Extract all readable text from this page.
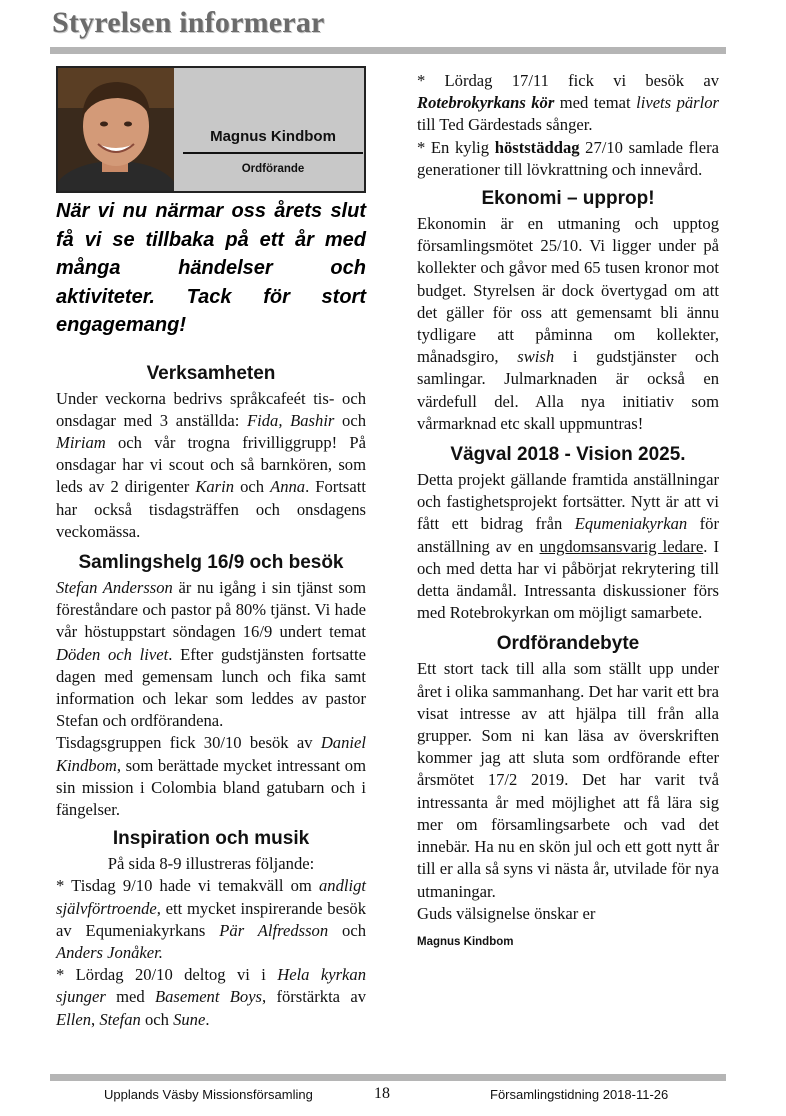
Styrelsen informerar
Magnus Kindbom
Ordförande

När vi nu närmar oss årets slut få vi se tillbaka på ett år med många händelser och aktiviteter. Tack för stort engagemang!

Verksamheten

Under veckorna bedrivs språkcafeét tis- och onsdagar med 3 anställda: Fida, Bashir och Miriam och vår trogna frivilliggrupp! På onsdagar har vi scout och så barnkören, som leds av 2 dirigenter Karin och Anna. Fortsatt har också tisdagsträffen och onsdagens veckomässa.

Samlingshelg 16/9 och besök

Stefan Andersson är nu igång i sin tjänst som föreståndare och pastor på 80% tjänst. Vi hade vår höstuppstart söndagen 16/9 undert temat Döden och livet. Efter gudstjänsten fortsatte dagen med gemensam lunch och fika samt information och lekar som leddes av pastor Stefan och ordförandena.

Tisdagsgruppen fick 30/10 besök av Daniel Kindbom, som berättade mycket intressant om sin mission i Colombia bland gatubarn och i fängelser.

Inspiration och musik

På sida 8-9 illustreras följande:

* Tisdag 9/10 hade vi temakväll om andligt självförtroende, ett mycket inspirerande besök av Equmeniakyrkans Pär Alfredsson och Anders Jonåker.

* Lördag 20/10 deltog vi i Hela kyrkan sjunger med Basement Boys, förstärkta av Ellen, Stefan och Sune.

* Lördag 17/11 fick vi besök av Rotebrokyrkans kör med temat livets pärlor till Ted Gärdestads sånger.

* En kylig höststäddag 27/10 samlade flera generationer till lövkrattning och innevård.

Ekonomi – upprop!

Ekonomin är en utmaning och upptog församlingsmötet 25/10. Vi ligger under på kollekter och gåvor med 65 tusen kronor mot budget. Styrelsen är dock övertygad om att det gäller för oss att gemensamt bli ännu tydligare att påminna om kollekter, månadsgiro, swish i gudstjänster och samlingar. Julmarknaden är också en värdefull del. Alla nya initiativ som vårmarknad etc skall uppmuntras!

Vägval 2018 - Vision 2025.

Detta projekt gällande framtida anställningar och fastighetsprojekt fortsätter. Nytt är att vi fått ett bidrag från Equmeniakyrkan för anställning av en ungdomsansvarig ledare. I och med detta har vi påbörjat rekrytering till detta ändamål. Intressanta diskussioner förs med Rotebrokyrkan om möjligt samarbete.

Ordförandebyte

Ett stort tack till alla som ställt upp under året i olika sammanhang. Det har varit ett bra visat intresse av att hjälpa till från alla grupper. Som ni kan läsa av överskriften kommer jag att sluta som ordförande efter årsmötet 17/2 2019. Det har varit två intressanta år med möjlighet att få lära sig mer om församlingsarbete och vad det innebär. Ha nu en skön jul och ett gott nytt år till er alla så syns vi nästa år, utvilade för nya utmaningar.

Guds välsignelse önskar er

Magnus Kindbom

Upplands Väsby Missionsförsamling	18	Församlingstidning 2018-11-26
